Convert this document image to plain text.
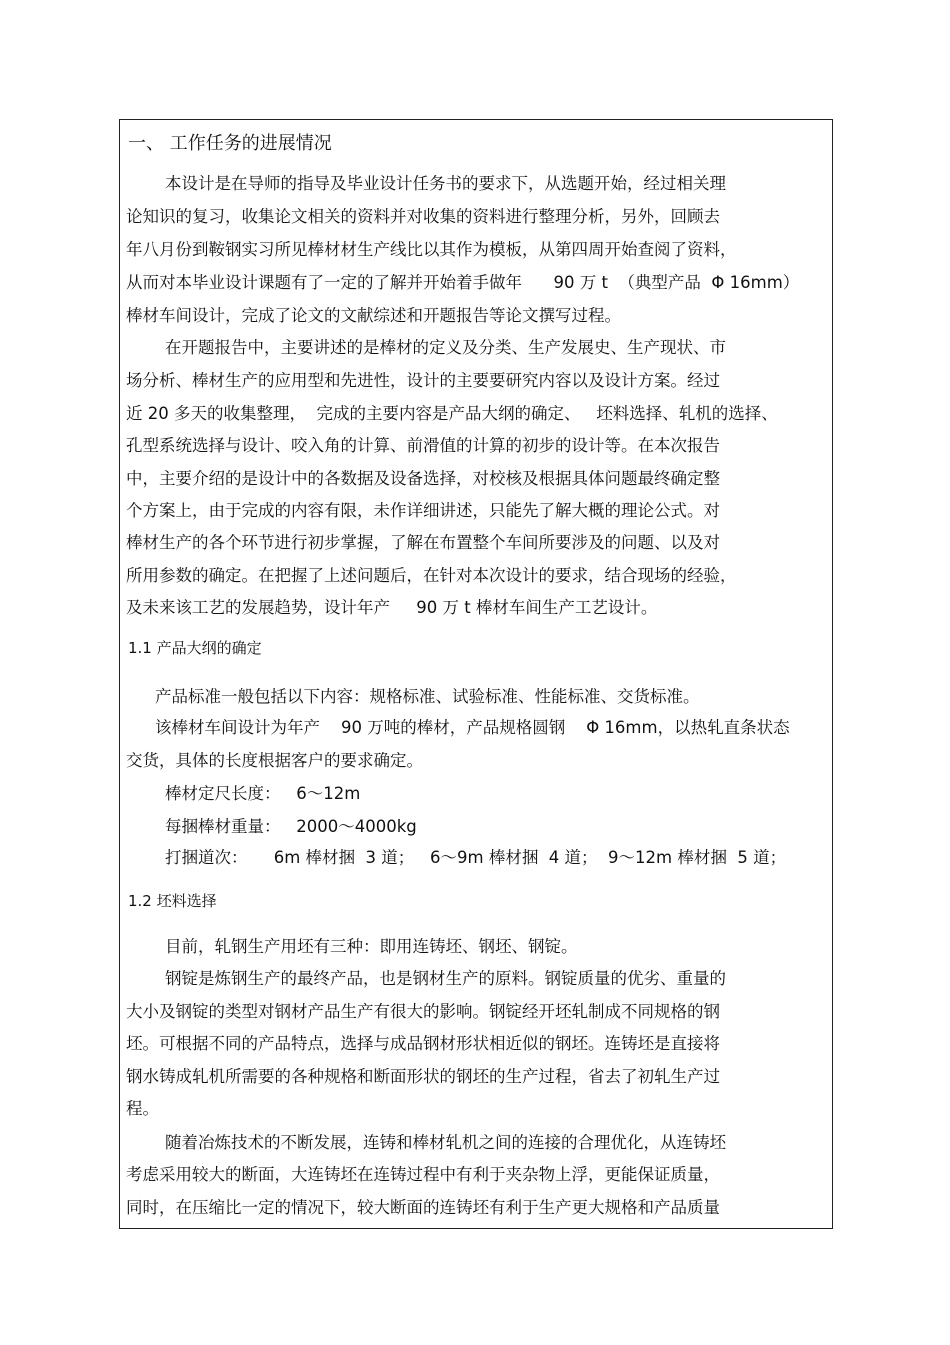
一、 工作任务的进展情况
本设计是在导师的指导及毕业设计任务书的要求下，从选题开始，经过相关理
论知识的复习，收集论文相关的资料并对收集的资料进行整理分析，另外，回顾去
年八月份到鞍钢实习所见棒材材生产线比以其作为模板，从第四周开始查阅了资料，
从而对本毕业设计课题有了一定的了解并开始着手做年      90 万 t  （典型产品  Φ 16mm）
棒材车间设计，完成了论文的文献综述和开题报告等论文撰写过程。
在开题报告中，主要讲述的是棒材的定义及分类、生产发展史、生产现状、市
场分析、棒材生产的应用型和先进性，设计的主要要研究内容以及设计方案。经过
近 20 多天的收集整理，  完成的主要内容是产品大纲的确定、   坯料选择、轧机的选择、
孔型系统选择与设计、咬入角的计算、前滑值的计算的初步的设计等。在本次报告
中，主要介绍的是设计中的各数据及设备选择，对校核及根据具体问题最终确定整
个方案上，由于完成的内容有限，未作详细讲述，只能先了解大概的理论公式。对
棒材生产的各个环节进行初步掌握，了解在布置整个车间所要涉及的问题、以及对
所用参数的确定。在把握了上述问题后，在针对本次设计的要求，结合现场的经验，
及未来该工艺的发展趋势，设计年产     90 万 t 棒材车间生产工艺设计。
1.1 产品大纲的确定
产品标准一般包括以下内容：规格标准、试验标准、性能标准、交货标准。
该棒材车间设计为年产    90 万吨的棒材，产品规格圆钢    Φ 16mm，以热轧直条状态
交货，具体的长度根据客户的要求确定。
棒材定尺长度：   6～12m
每捆棒材重量：   2000～4000kg
打捆道次：     6m 棒材捆  3 道；   6～9m 棒材捆  4 道；  9～12m 棒材捆  5 道；
1.2 坯料选择
目前，轧钢生产用坯有三种：即用连铸坯、钢坯、钢锭。
钢锭是炼钢生产的最终产品，也是钢材生产的原料。钢锭质量的优劣、重量的
大小及钢锭的类型对钢材产品生产有很大的影响。钢锭经开坯轧制成不同规格的钢
坯。可根据不同的产品特点，选择与成品钢材形状相近似的钢坯。连铸坯是直接将
钢水铸成轧机所需要的各种规格和断面形状的钢坯的生产过程，省去了初轧生产过
程。
随着冶炼技术的不断发展，连铸和棒材轧机之间的连接的合理优化，从连铸坯
考虑采用较大的断面，大连铸坯在连铸过程中有利于夹杂物上浮，更能保证质量，
同时，在压缩比一定的情况下，较大断面的连铸坯有利于生产更大规格和产品质量
